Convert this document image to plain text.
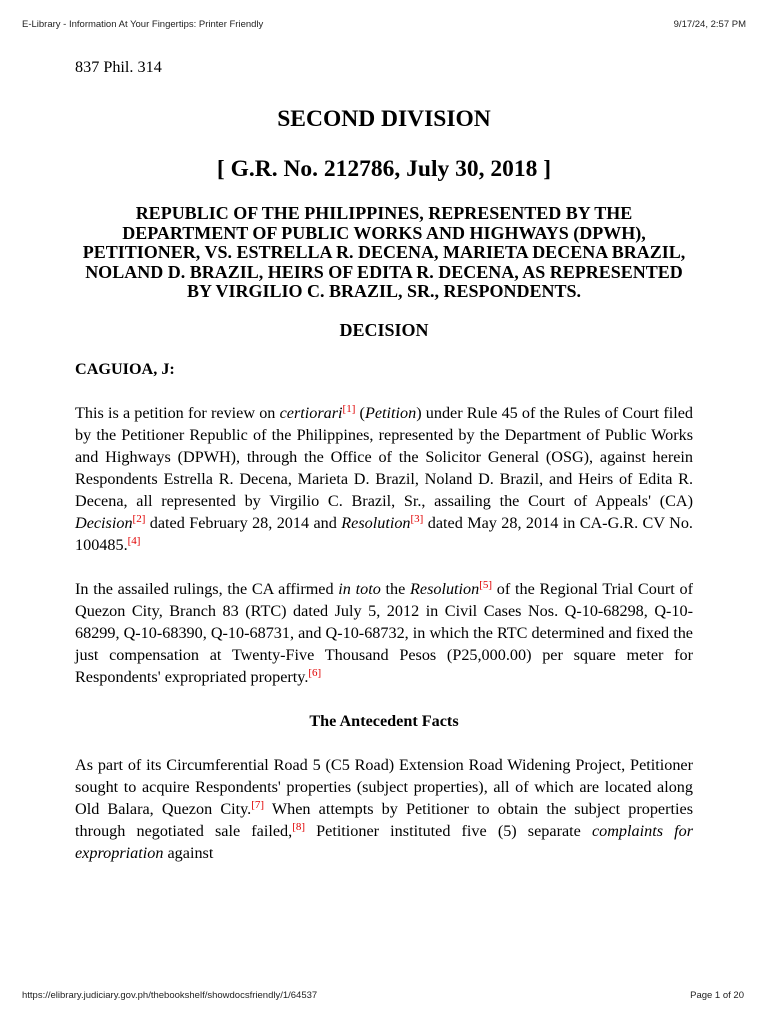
E-Library - Information At Your Fingertips: Printer Friendly	9/17/24, 2:57 PM
837 Phil. 314
SECOND DIVISION
[ G.R. No. 212786, July 30, 2018 ]
REPUBLIC OF THE PHILIPPINES, REPRESENTED BY THE DEPARTMENT OF PUBLIC WORKS AND HIGHWAYS (DPWH), PETITIONER, VS. ESTRELLA R. DECENA, MARIETA DECENA BRAZIL, NOLAND D. BRAZIL, HEIRS OF EDITA R. DECENA, AS REPRESENTED BY VIRGILIO C. BRAZIL, SR., RESPONDENTS.
DECISION
CAGUIOA, J:

This is a petition for review on certiorari[1] (Petition) under Rule 45 of the Rules of Court filed by the Petitioner Republic of the Philippines, represented by the Department of Public Works and Highways (DPWH), through the Office of the Solicitor General (OSG), against herein Respondents Estrella R. Decena, Marieta D. Brazil, Noland D. Brazil, and Heirs of Edita R. Decena, all represented by Virgilio C. Brazil, Sr., assailing the Court of Appeals' (CA) Decision[2] dated February 28, 2014 and Resolution[3] dated May 28, 2014 in CA-G.R. CV No. 100485.[4]

In the assailed rulings, the CA affirmed in toto the Resolution[5] of the Regional Trial Court of Quezon City, Branch 83 (RTC) dated July 5, 2012 in Civil Cases Nos. Q-10-68298, Q-10-68299, Q-10-68390, Q-10-68731, and Q-10-68732, in which the RTC determined and fixed the just compensation at Twenty-Five Thousand Pesos (P25,000.00) per square meter for Respondents' expropriated property.[6]

The Antecedent Facts

As part of its Circumferential Road 5 (C5 Road) Extension Road Widening Project, Petitioner sought to acquire Respondents' properties (subject properties), all of which are located along Old Balara, Quezon City.[7] When attempts by Petitioner to obtain the subject properties through negotiated sale failed,[8] Petitioner instituted five (5) separate complaints for expropriation against

https://elibrary.judiciary.gov.ph/thebookshelf/showdocsfriendly/1/64537	Page 1 of 20
